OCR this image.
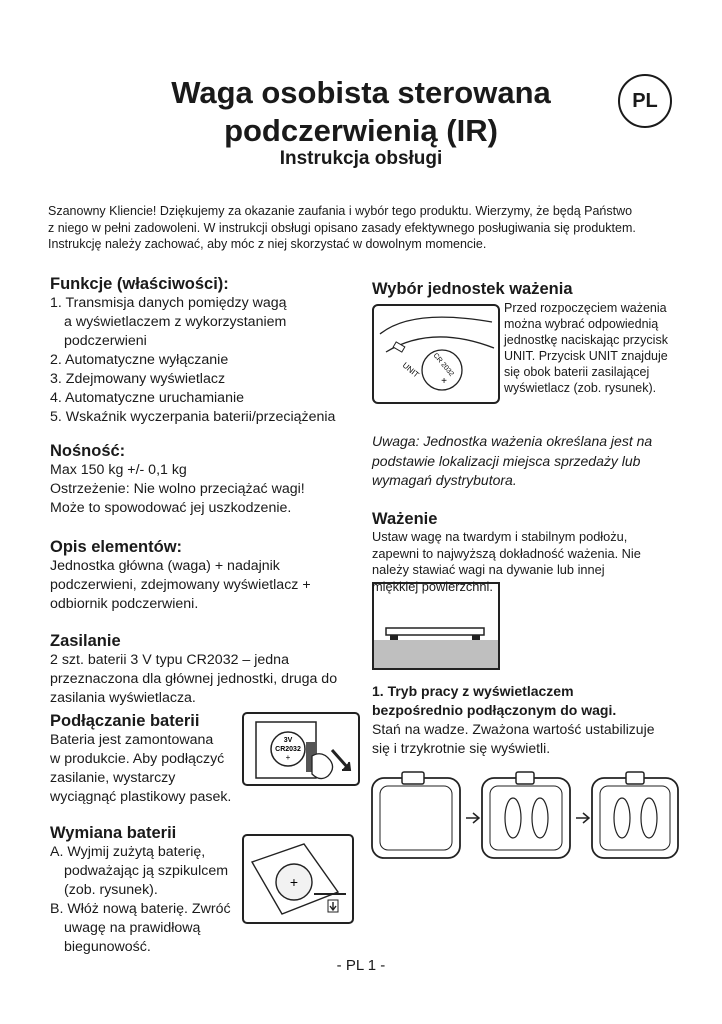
Waga osobista sterowana
podczerwienią (IR)
Instrukcja obsługi
PL

Szanowny Kliencie! Dziękujemy za okazanie zaufania i wybór tego produktu. Wierzymy, że będą Państwo

z niego w pełni zadowoleni. W instrukcji obsługi opisano zasady efektywnego posługiwania się produktem.

Instrukcję należy zachować, aby móc z niej skorzystać w dowolnym momencie.

Funkcje (właściwości):
1. Transmisja danych pomiędzy wagą
a wyświetlaczem z wykorzystaniem
podczerwieni
2. Automatyczne wyłączanie
3. Zdejmowany wyświetlacz
4. Automatyczne uruchamianie
5. Wskaźnik wyczerpania baterii/przeciążenia
Nośność:
Max 150 kg +/- 0,1 kg
Ostrzeżenie: Nie wolno przeciążać wagi!
Może to spowodować jej uszkodzenie.
Opis elementów:
Jednostka główna (waga) + nadajnik
podczerwieni, zdejmowany wyświetlacz +
odbiornik podczerwieni.
Zasilanie
2 szt. baterii 3 V typu CR2032 – jedna
przeznaczona dla głównej jednostki, druga do
zasilania wyświetlacza.
Podłączanie baterii
Bateria jest zamontowana
w produkcie. Aby podłączyć
zasilanie, wystarczy
wyciągnąć plastikowy pasek.
3V
CR2032
+
Wymiana baterii
A. Wyjmij zużytą baterię,
podważając ją szpikulcem
(zob. rysunek).
B. Włóż nową baterię. Zwróć
uwagę na prawidłową
biegunowość.
+
Wybór jednostek ważenia
CR 2032
+
UNIT
Przed rozpoczęciem ważenia
można wybrać odpowiednią
jednostkę naciskając przycisk
UNIT. Przycisk UNIT znajduje
się obok baterii zasilającej
wyświetlacz (zob. rysunek).
Uwaga: Jednostka ważenia określana jest na
podstawie lokalizacji miejsca sprzedaży lub
wymagań dystrybutora.
Ważenie
Ustaw wagę na twardym i stabilnym podłożu,
zapewni to najwyższą dokładność ważenia. Nie
należy stawiać wagi na dywanie lub innej
miękkiej powierzchni.
1. Tryb pracy z wyświetlaczem
bezpośrednio podłączonym do wagi.
Stań na wadze. Zważona wartość ustabilizuje
się i trzykrotnie się wyświetli.
- PL 1 -
